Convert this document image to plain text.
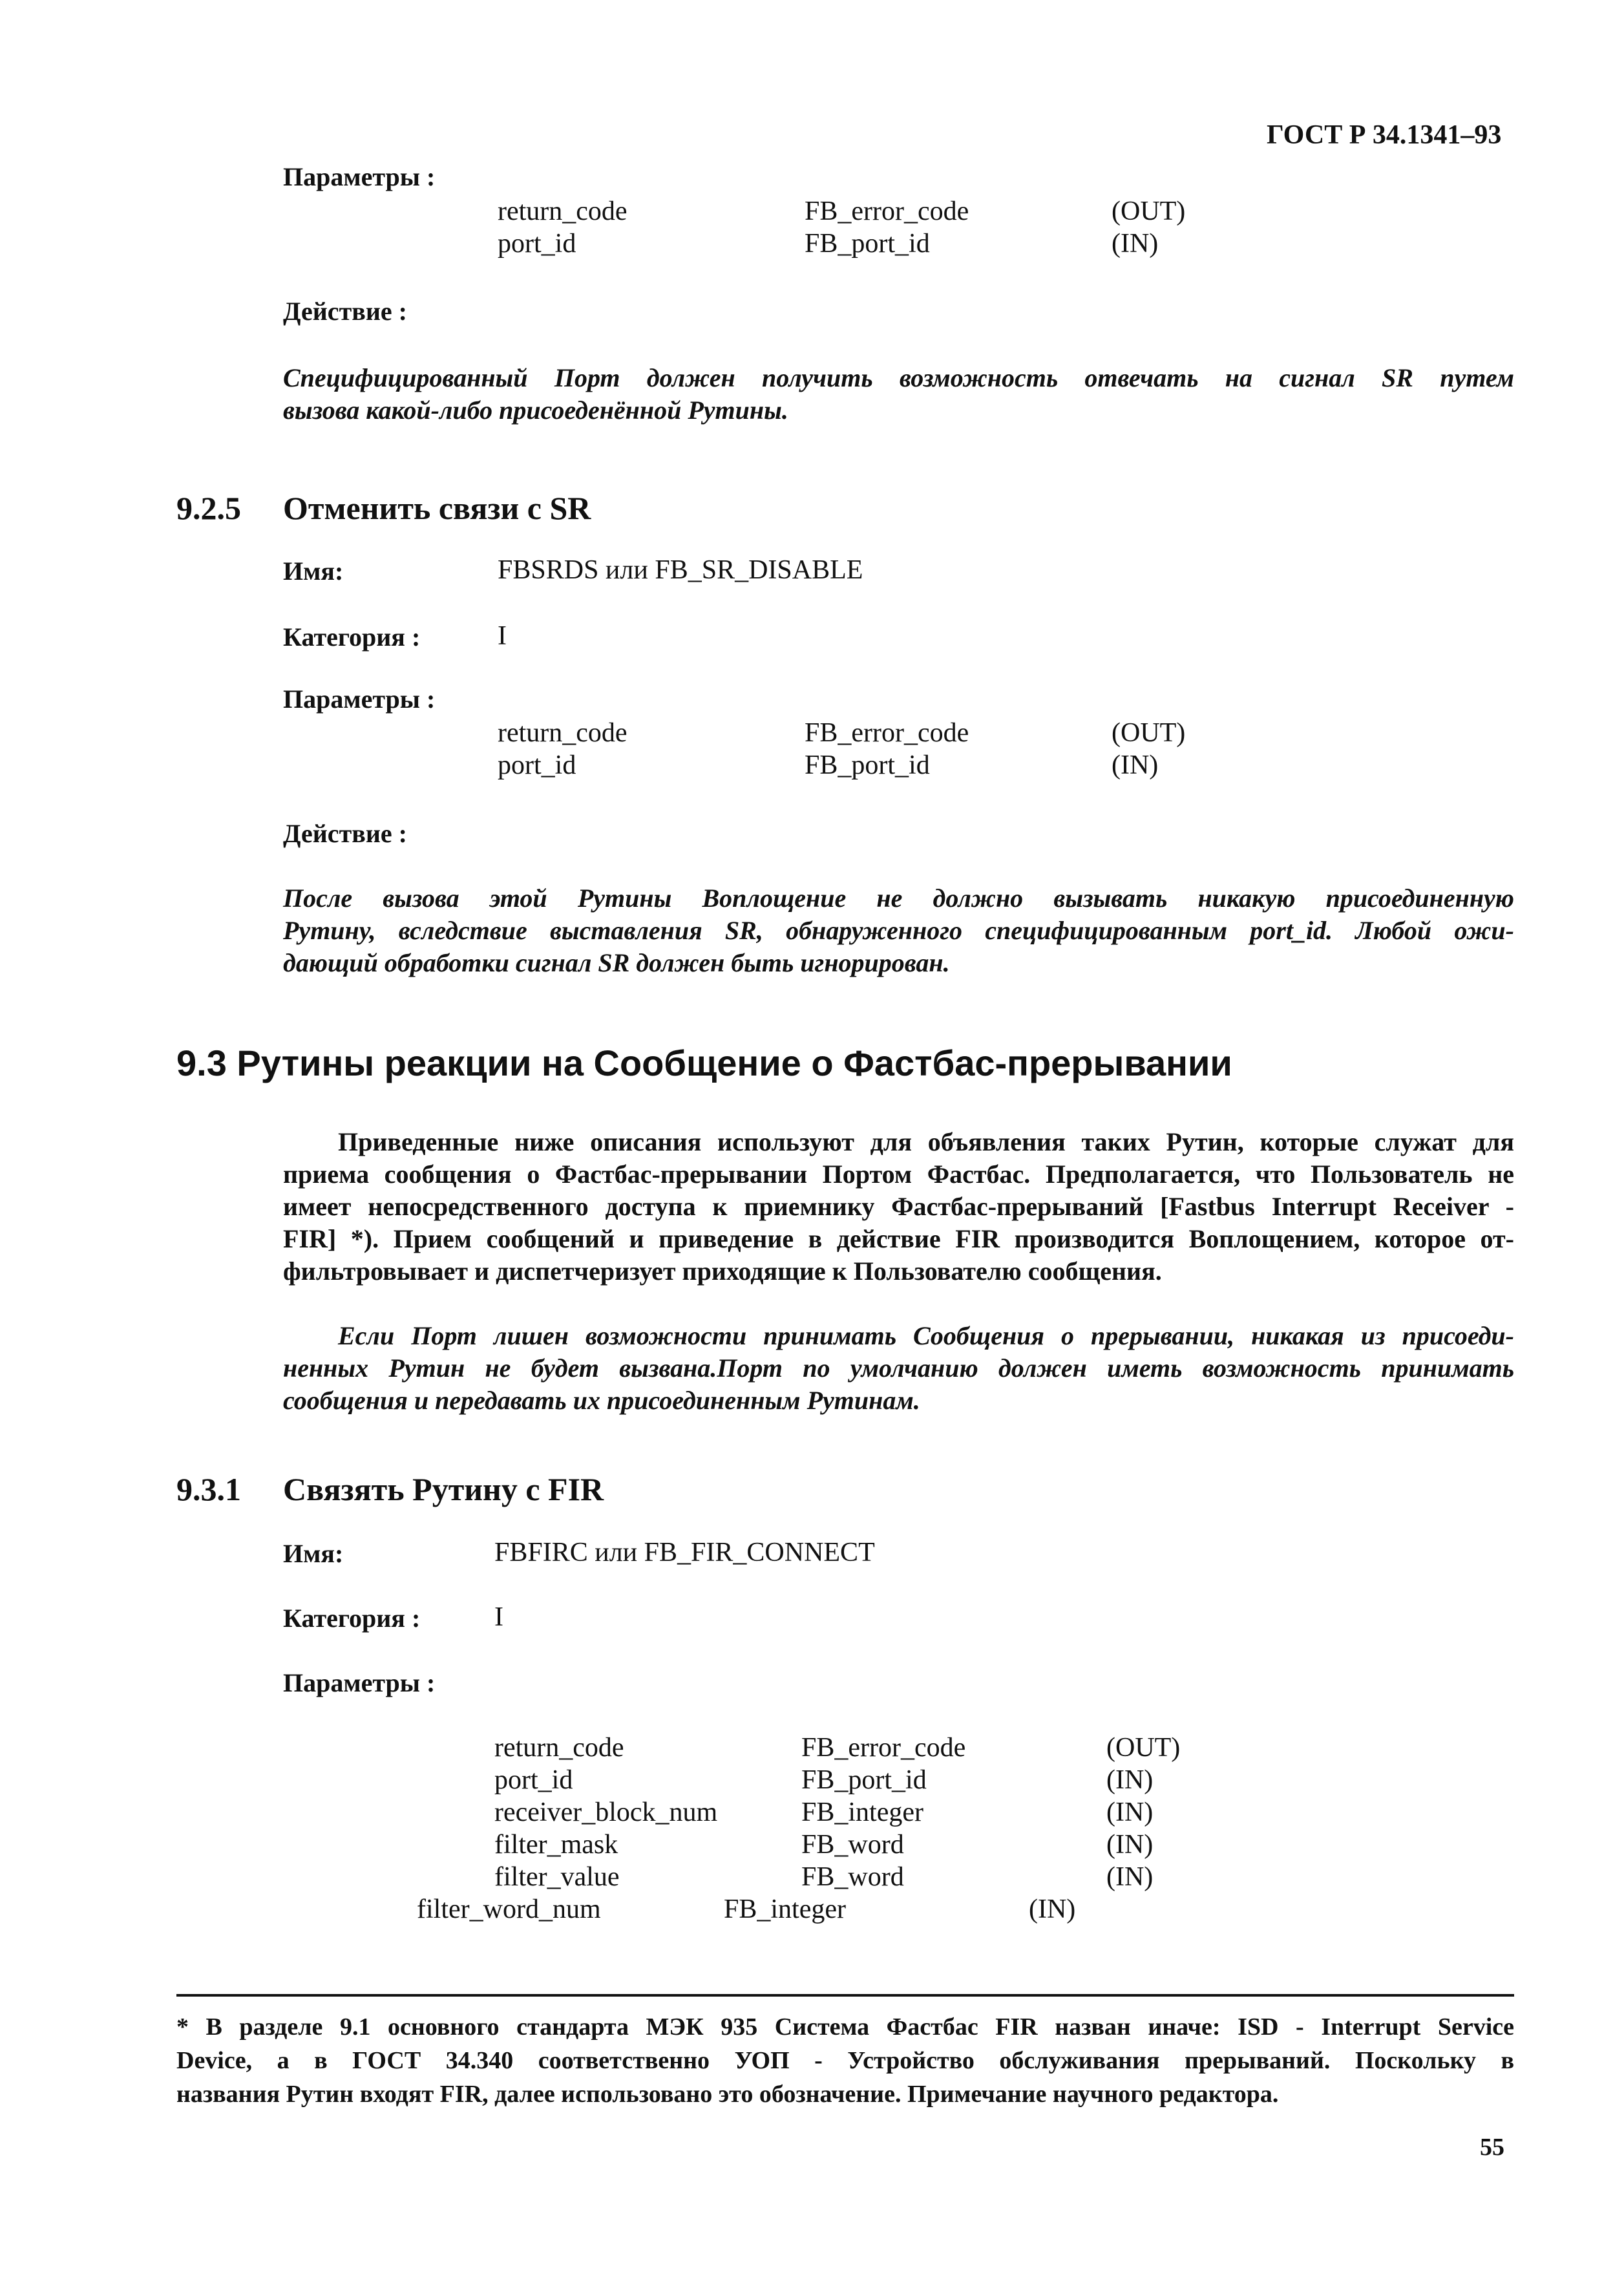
ГОСТ Р 34.1341–93
Параметры :
return_code	FB_error_code	(OUT)
port_id	FB_port_id	(IN)
Действие :
Специфицированный Порт должен получить возможность отвечать на сигнал SR путем
вызова какой-либо присоеденённой Рутины.
9.2.5 Отменить связи с SR
Имя:	FBSRDS или FB_SR_DISABLE
Категория :	I
Параметры :
return_code	FB_error_code	(OUT)
port_id	FB_port_id	(IN)
Действие :
После вызова этой Рутины Воплощение не должно вызывать никакую присоединенную
Рутину, вследствие выставления SR, обнаруженного специфицированным port_id. Любой ожи-
дающий обработки сигнал SR должен быть игнорирован.
9.3 Рутины реакции на Сообщение о Фастбас-прерывании
Приведенные ниже описания используют для объявления таких Рутин, которые служат для
приема сообщения о Фастбас-прерывании Портом Фастбас. Предполагается, что Пользователь не
имеет непосредственного доступа к приемнику Фастбас-прерываний [Fastbus Interrupt Receiver -
FIR] *). Прием сообщений и приведение в действие FIR производится Воплощением, которое от-
фильтровывает и диспетчеризует приходящие к Пользователю сообщения.
Если Порт лишен возможности принимать Сообщения о прерывании, никакая из присоеди-
ненных Рутин не будет вызвана.Порт по умолчанию должен иметь возможность принимать
сообщения и передавать их присоединенным Рутинам.
9.3.1 Связять Рутину с FIR
Имя:	FBFIRC или FB_FIR_CONNECT
Категория :	I
Параметры :
return_code	FB_error_code	(OUT)
port_id	FB_port_id	(IN)
receiver_block_num	FB_integer	(IN)
filter_mask	FB_word	(IN)
filter_value	FB_word	(IN)
filter_word_num	FB_integer	(IN)
* В разделе 9.1 основного стандарта МЭК 935 Система Фастбас FIR назван иначе: ISD - Interrupt Service
Device, а в ГОСТ 34.340 соответственно УОП - Устройство обслуживания прерываний. Поскольку в
названия Рутин входят FIR, далее использовано это обозначение. Примечание научного редактора.
55
